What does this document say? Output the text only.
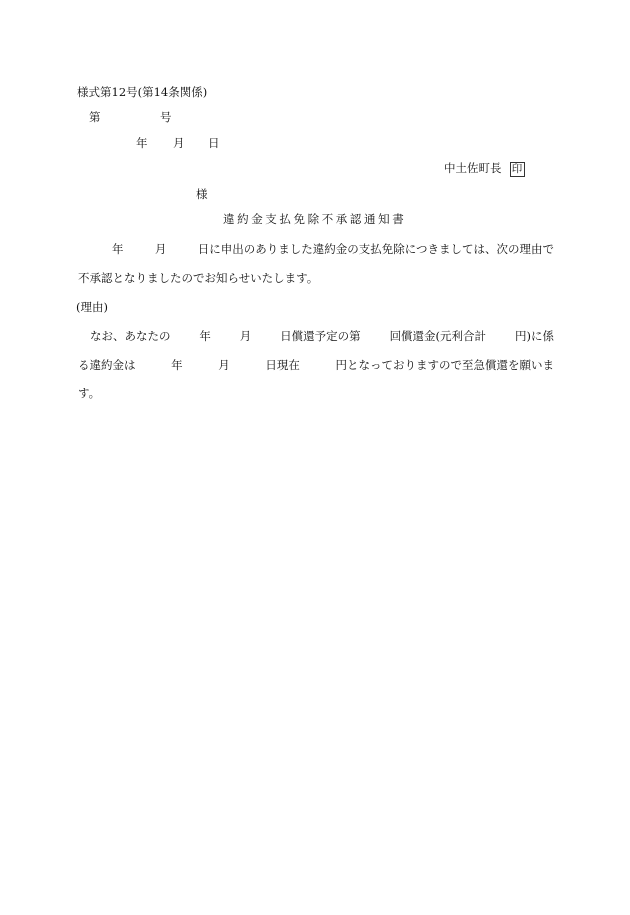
様式第12号(第14条関係)
第	号
年 月 日
中土佐町長 印
様
違約金支払免除不承認通知書
年	月	日に申出のありました違約金の支払免除につきましては、次の理由で
不承認となりましたのでお知らせいたします。
(理由)
なお、あなたの	年	月	日償還予定の第	回償還金(元利合計	円)に係
る違約金は	年	月	日現在	円となっておりますので至急償還を願いま
す。
